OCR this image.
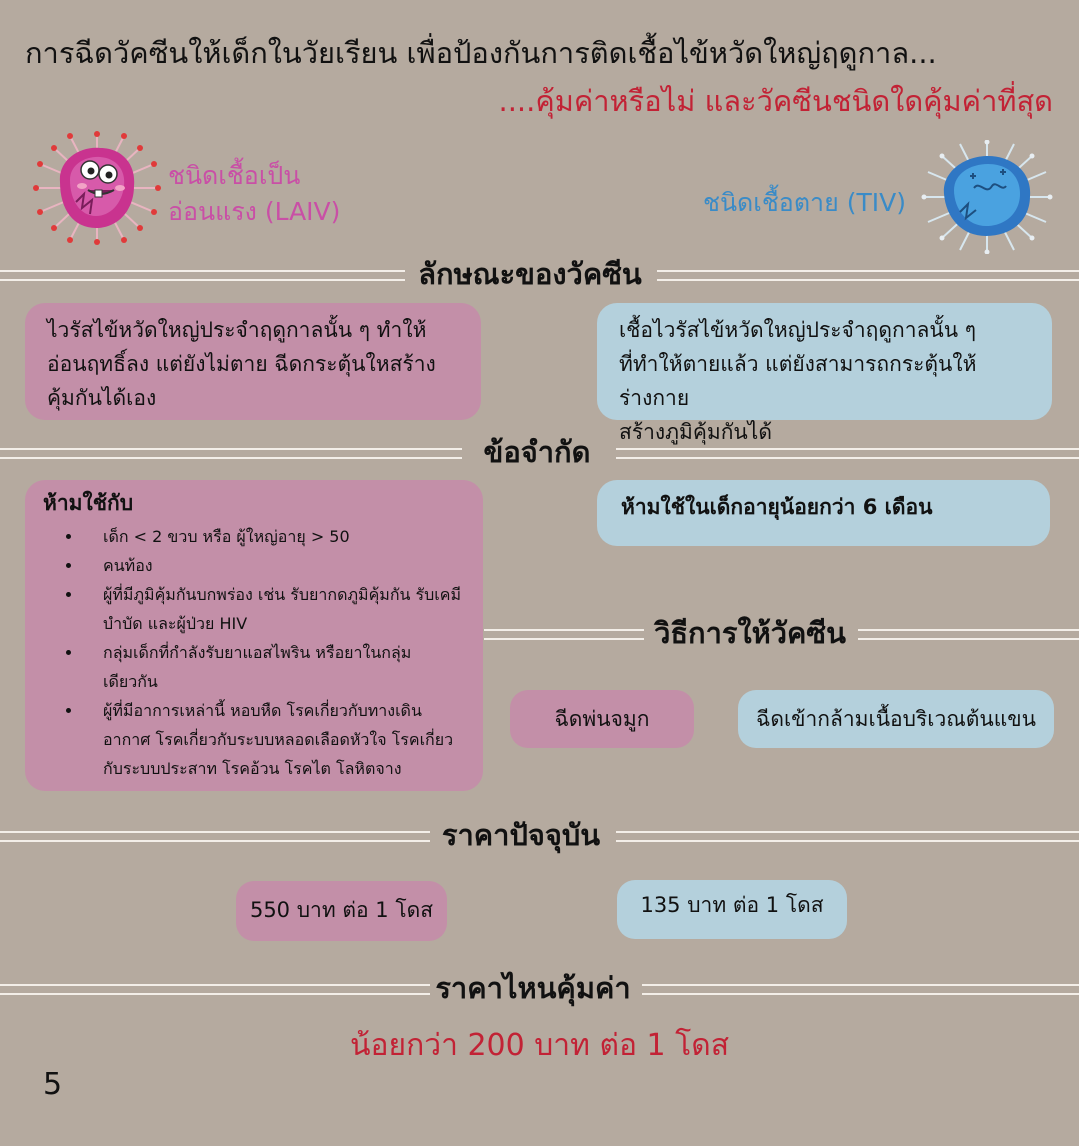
การฉีดวัคซีนให้เด็กในวัยเรียน เพื่อป้องกันการติดเชื้อไข้หวัดใหญ่ฤดูกาล...
....คุ้มค่าหรือไม่ และวัคซีนชนิดใดคุ้มค่าที่สุด
ชนิดเชื้อเป็น
อ่อนแรง (LAIV)	ชนิดเชื้อตาย (TIV)
ลักษณะของวัคซีน
ไวรัสไข้หวัดใหญ่ประจำฤดูกาลนั้น ๆ ทำให้
อ่อนฤทธิ์ลง แต่ยังไม่ตาย ฉีดกระตุ้นใหสร้าง
คุ้มกันได้เอง
เชื้อไวรัสไข้หวัดใหญ่ประจำฤดูกาลนั้น ๆ
ที่ทำให้ตายแล้ว แต่ยังสามารถกระตุ้นให้ร่างกาย
สร้างภูมิคุ้มกันได้
ข้อจำกัด
ห้ามใช้กับ
• เด็ก < 2 ขวบ หรือ ผู้ใหญ่อายุ > 50
• คนท้อง
• ผู้ที่มีภูมิคุ้มกันบกพร่อง เช่น รับยากดภูมิคุ้มกัน รับเคมีบำบัด และผู้ป่วย HIV
• กลุ่มเด็กที่กำลังรับยาแอสไพริน หรือยาในกลุ่มเดียวกัน
• ผู้ที่มีอาการเหล่านี้ หอบหืด โรคเกี่ยวกับทางเดินอากาศ โรคเกี่ยวกับระบบหลอดเลือดหัวใจ โรคเกี่ยวกับระบบประสาท โรคอ้วน โรคไต โลหิตจาง
ห้ามใช้ในเด็กอายุน้อยกว่า 6 เดือน
วิธีการให้วัคซีน
ฉีดพ่นจมูก	ฉีดเข้ากล้ามเนื้อบริเวณต้นแขน
ราคาปัจจุบัน
550 บาท ต่อ 1 โดส	135 บาท ต่อ 1 โดส
ราคาไหนคุ้มค่า
น้อยกว่า 200 บาท ต่อ 1 โดส
5
